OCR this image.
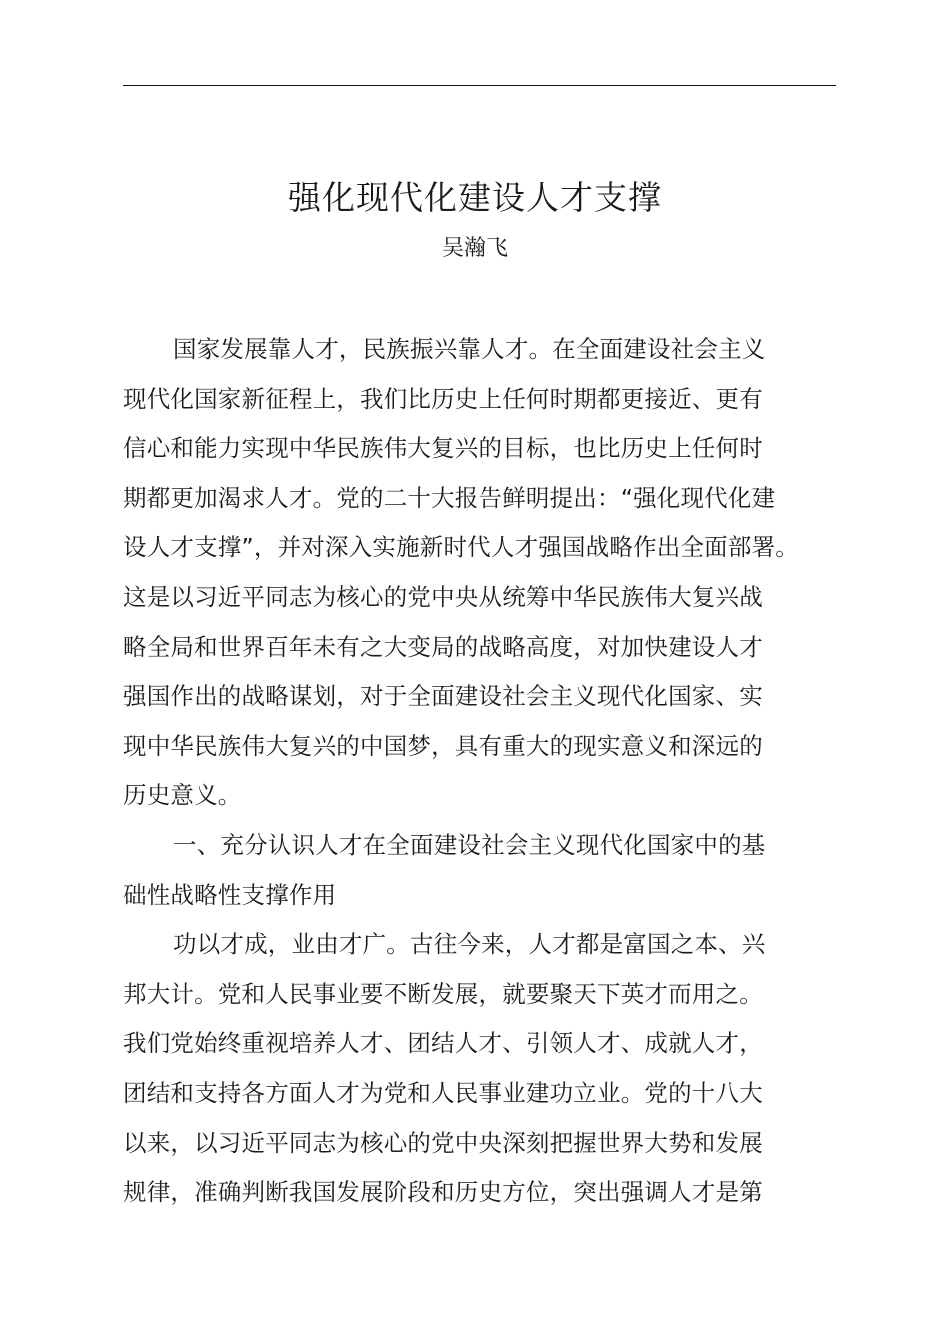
强化现代化建设人才支撑
吴瀚飞
国家发展靠人才，民族振兴靠人才。在全面建设社会主义
现代化国家新征程上，我们比历史上任何时期都更接近、更有
信心和能力实现中华民族伟大复兴的目标，也比历史上任何时
期都更加渴求人才。党的二十大报告鲜明提出：“强化现代化建
设人才支撑”，并对深入实施新时代人才强国战略作出全面部署。
这是以习近平同志为核心的党中央从统筹中华民族伟大复兴战
略全局和世界百年未有之大变局的战略高度，对加快建设人才
强国作出的战略谋划，对于全面建设社会主义现代化国家、实
现中华民族伟大复兴的中国梦，具有重大的现实意义和深远的
历史意义。
一、充分认识人才在全面建设社会主义现代化国家中的基
础性战略性支撑作用
功以才成，业由才广。古往今来，人才都是富国之本、兴
邦大计。党和人民事业要不断发展，就要聚天下英才而用之。
我们党始终重视培养人才、团结人才、引领人才、成就人才，
团结和支持各方面人才为党和人民事业建功立业。党的十八大
以来，以习近平同志为核心的党中央深刻把握世界大势和发展
规律，准确判断我国发展阶段和历史方位，突出强调人才是第
